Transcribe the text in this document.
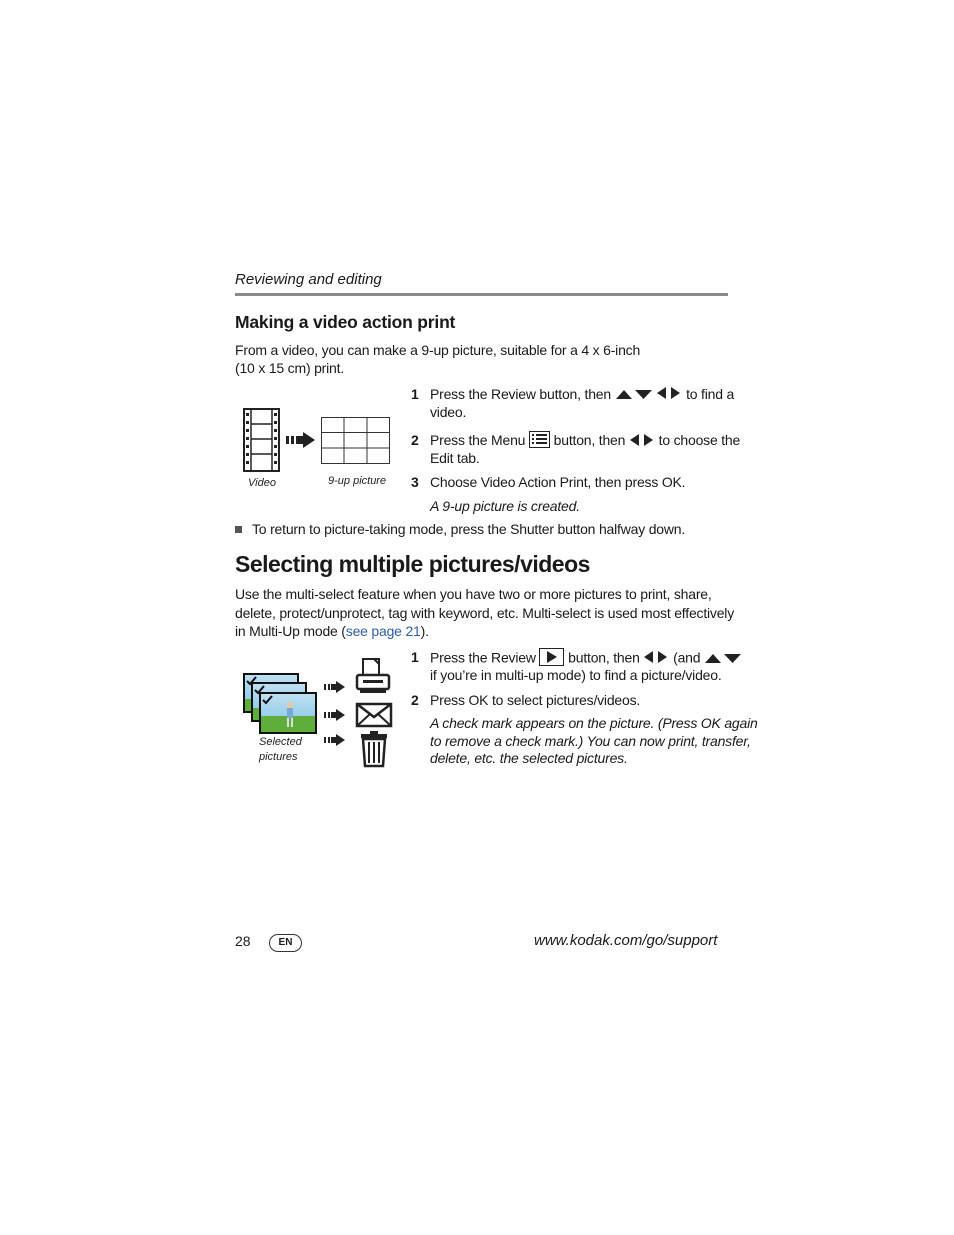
Reviewing and editing
Making a video action print
From a video, you can make a 9-up picture, suitable for a 4 x 6-inch
(10 x 15 cm) print.
Video	9-up picture
1 Press the Review button, then	to find a
video.
2 Press the Menu button, then to choose the
Edit tab.
3 Choose Video Action Print, then press OK.
A 9-up picture is created.
To return to picture-taking mode, press the Shutter button halfway down.
Selecting multiple pictures/videos
Use the multi-select feature when you have two or more pictures to print, share,
delete, protect/unprotect, tag with keyword, etc. Multi-select is used most effectively
in Multi-Up mode (see page 21).
Selected
pictures
1 Press the Review button, then (and
if you’re in multi-up mode) to find a picture/video.
2 Press OK to select pictures/videos.
A check mark appears on the picture. (Press OK again
to remove a check mark.) You can now print, transfer,
delete, etc. the selected pictures.
28	EN	www.kodak.com/go/support
